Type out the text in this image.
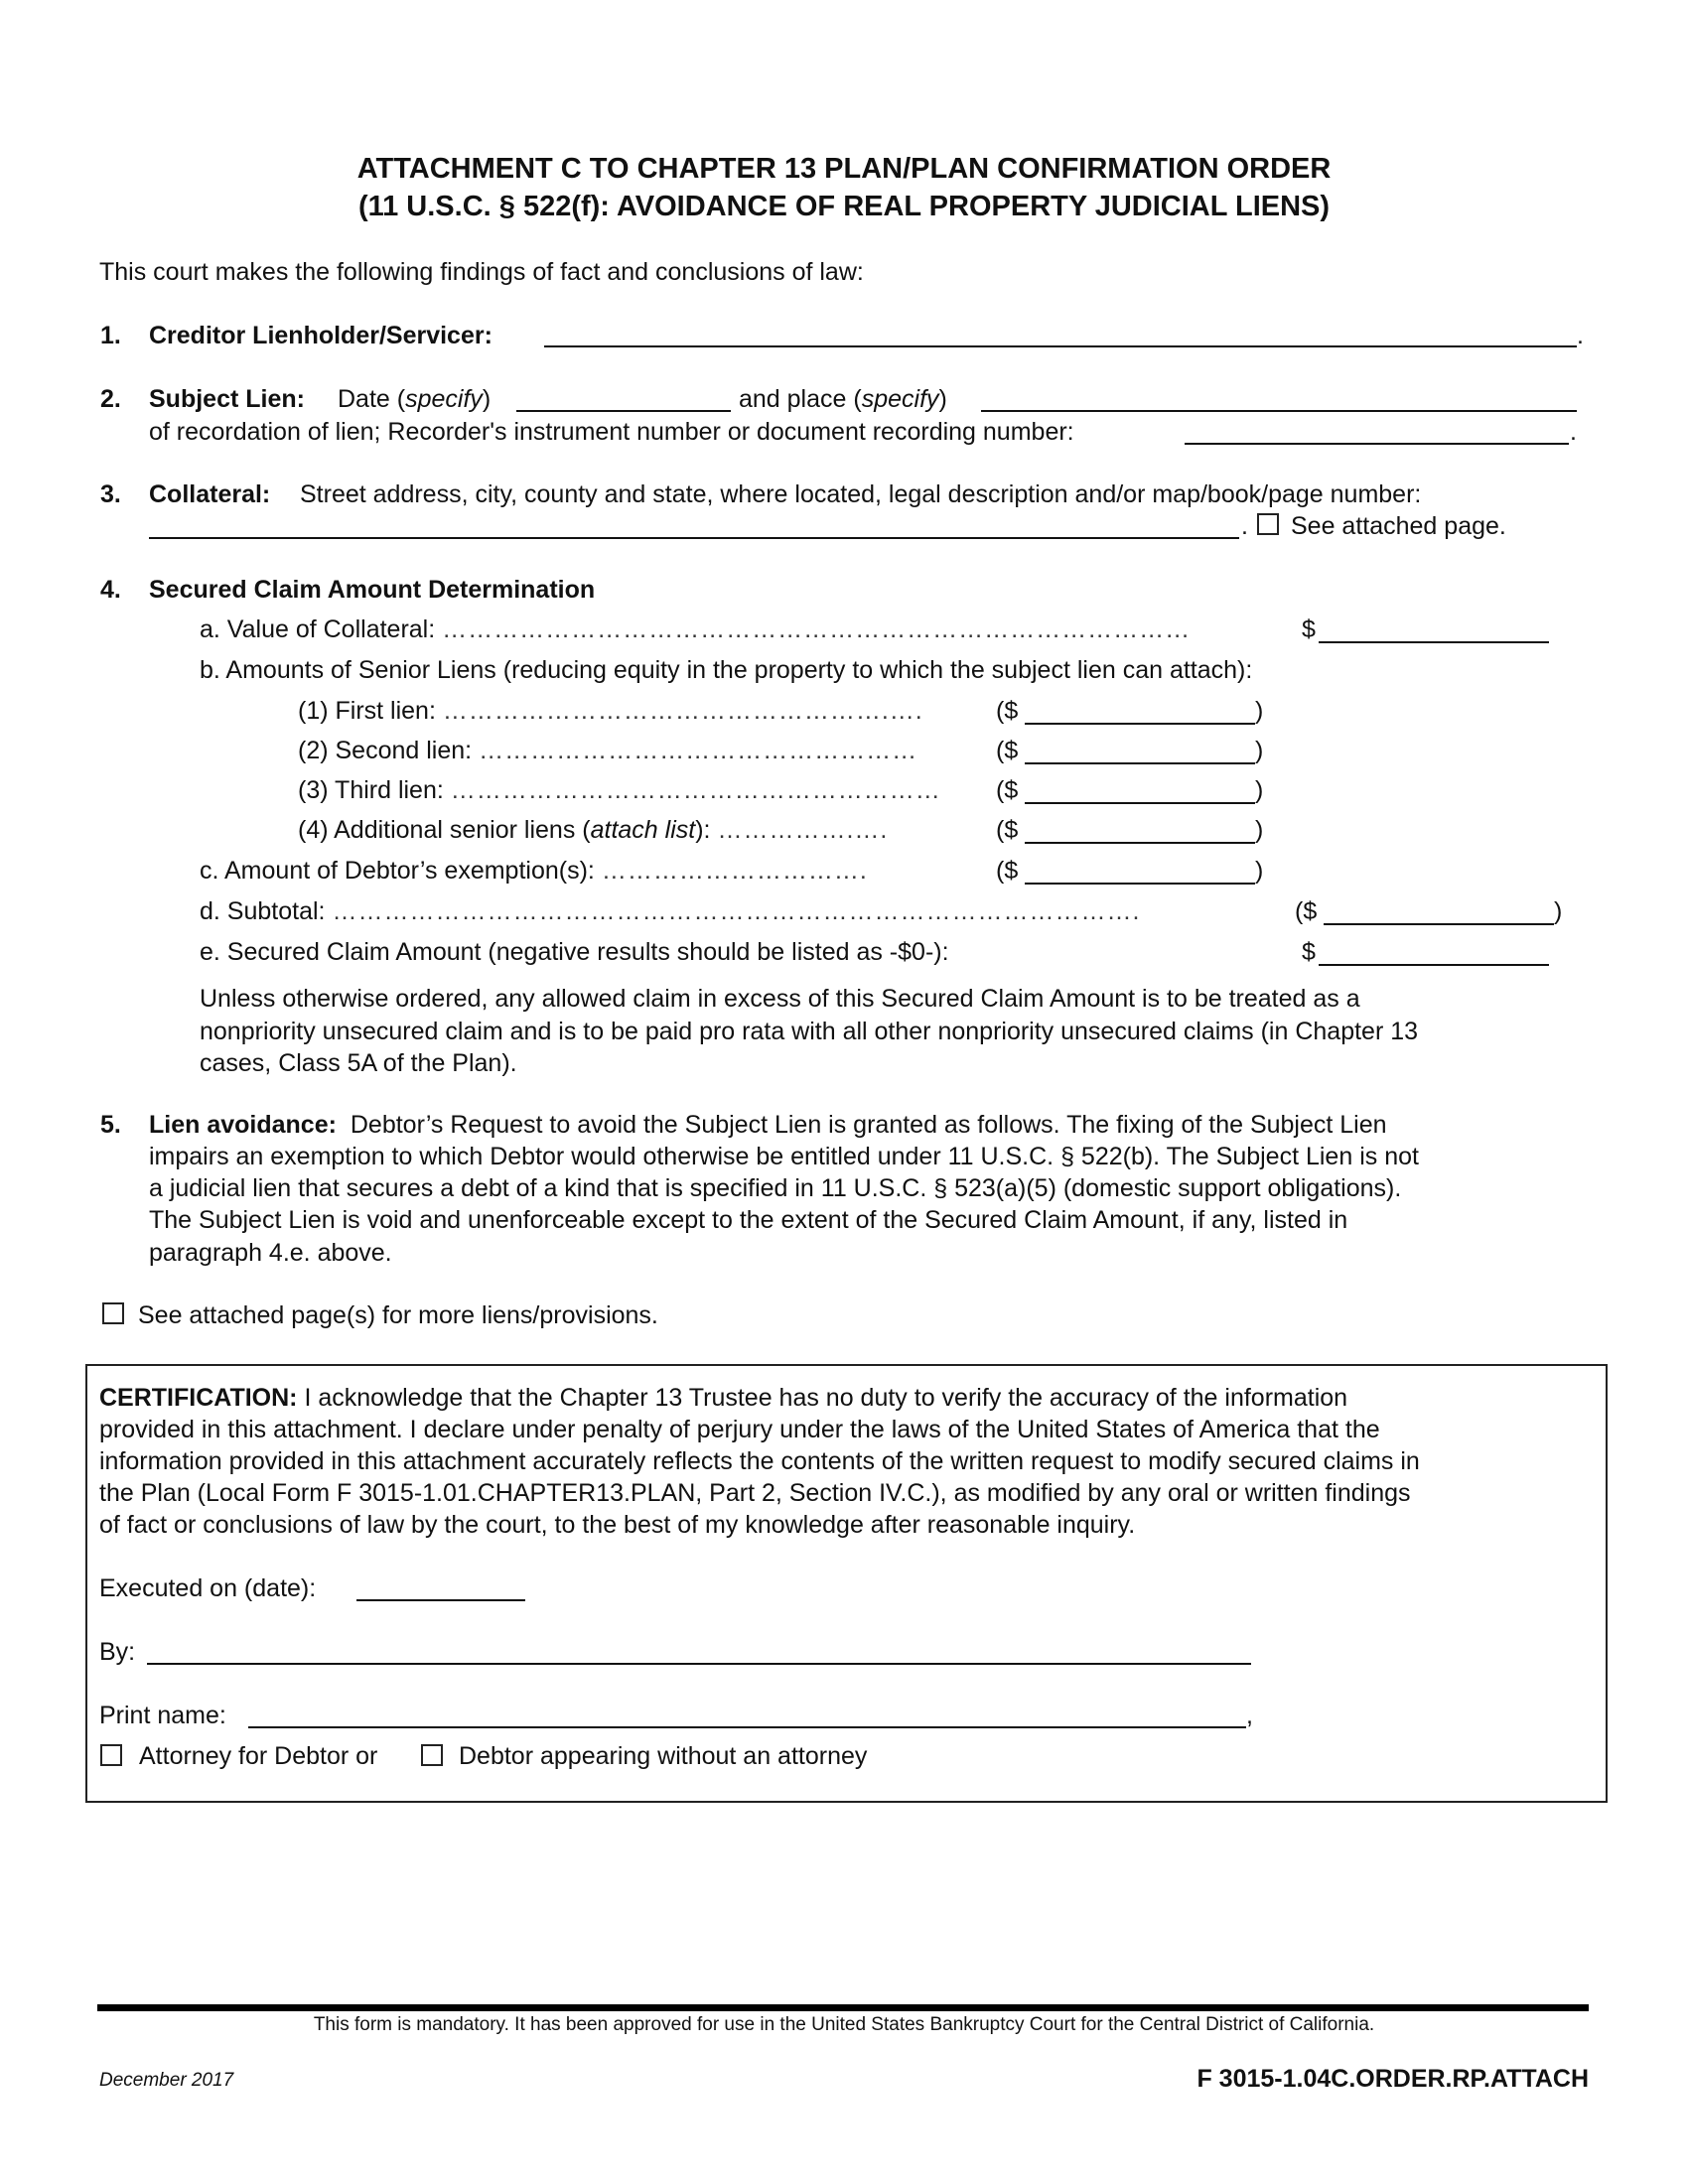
ATTACHMENT C TO CHAPTER 13 PLAN/PLAN CONFIRMATION ORDER
(11 U.S.C. § 522(f): AVOIDANCE OF REAL PROPERTY JUDICIAL LIENS)
This court makes the following findings of fact and conclusions of law:
1. Creditor Lienholder/Servicer:	.
2. Subject Lien: Date (specify)	and place (specify)
of recordation of lien; Recorder's instrument number or document recording number:	.
3. Collateral: Street address, city, county and state, where located, legal description and/or map/book/page number:
. See attached page.
4. Secured Claim Amount Determination
a. Value of Collateral: ……………………………………………………………………………	$
b. Amounts of Senior Liens (reducing equity in the property to which the subject lien can attach):
(1) First lien: …………………………………………….….	($	)
(2) Second lien: ……………………………………………	($	)
(3) Third lien: ………………………………………………… ($	)
(4) Additional senior liens (attach list): …………….….	($	)
c. Amount of Debtor’s exemption(s): ………………………….	($	)
d. Subtotal: ………………………………………………………………………………….	($	)
e. Secured Claim Amount (negative results should be listed as -$0-):	$
Unless otherwise ordered, any allowed claim in excess of this Secured Claim Amount is to be treated as a
nonpriority unsecured claim and is to be paid pro rata with all other nonpriority unsecured claims (in Chapter 13
cases, Class 5A of the Plan).
5. Lien avoidance: Debtor’s Request to avoid the Subject Lien is granted as follows. The fixing of the Subject Lien
impairs an exemption to which Debtor would otherwise be entitled under 11 U.S.C. § 522(b). The Subject Lien is not
a judicial lien that secures a debt of a kind that is specified in 11 U.S.C. § 523(a)(5) (domestic support obligations).
The Subject Lien is void and unenforceable except to the extent of the Secured Claim Amount, if any, listed in
paragraph 4.e. above.
See attached page(s) for more liens/provisions.
CERTIFICATION: I acknowledge that the Chapter 13 Trustee has no duty to verify the accuracy of the information
provided in this attachment. I declare under penalty of perjury under the laws of the United States of America that the
information provided in this attachment accurately reflects the contents of the written request to modify secured claims in
the Plan (Local Form F 3015-1.01.CHAPTER13.PLAN, Part 2, Section IV.C.), as modified by any oral or written findings
of fact or conclusions of law by the court, to the best of my knowledge after reasonable inquiry.
Executed on (date):
By:
Print name:	,
Attorney for Debtor or	Debtor appearing without an attorney
This form is mandatory. It has been approved for use in the United States Bankruptcy Court for the Central District of California.
December 2017	F 3015-1.04C.ORDER.RP.ATTACH
